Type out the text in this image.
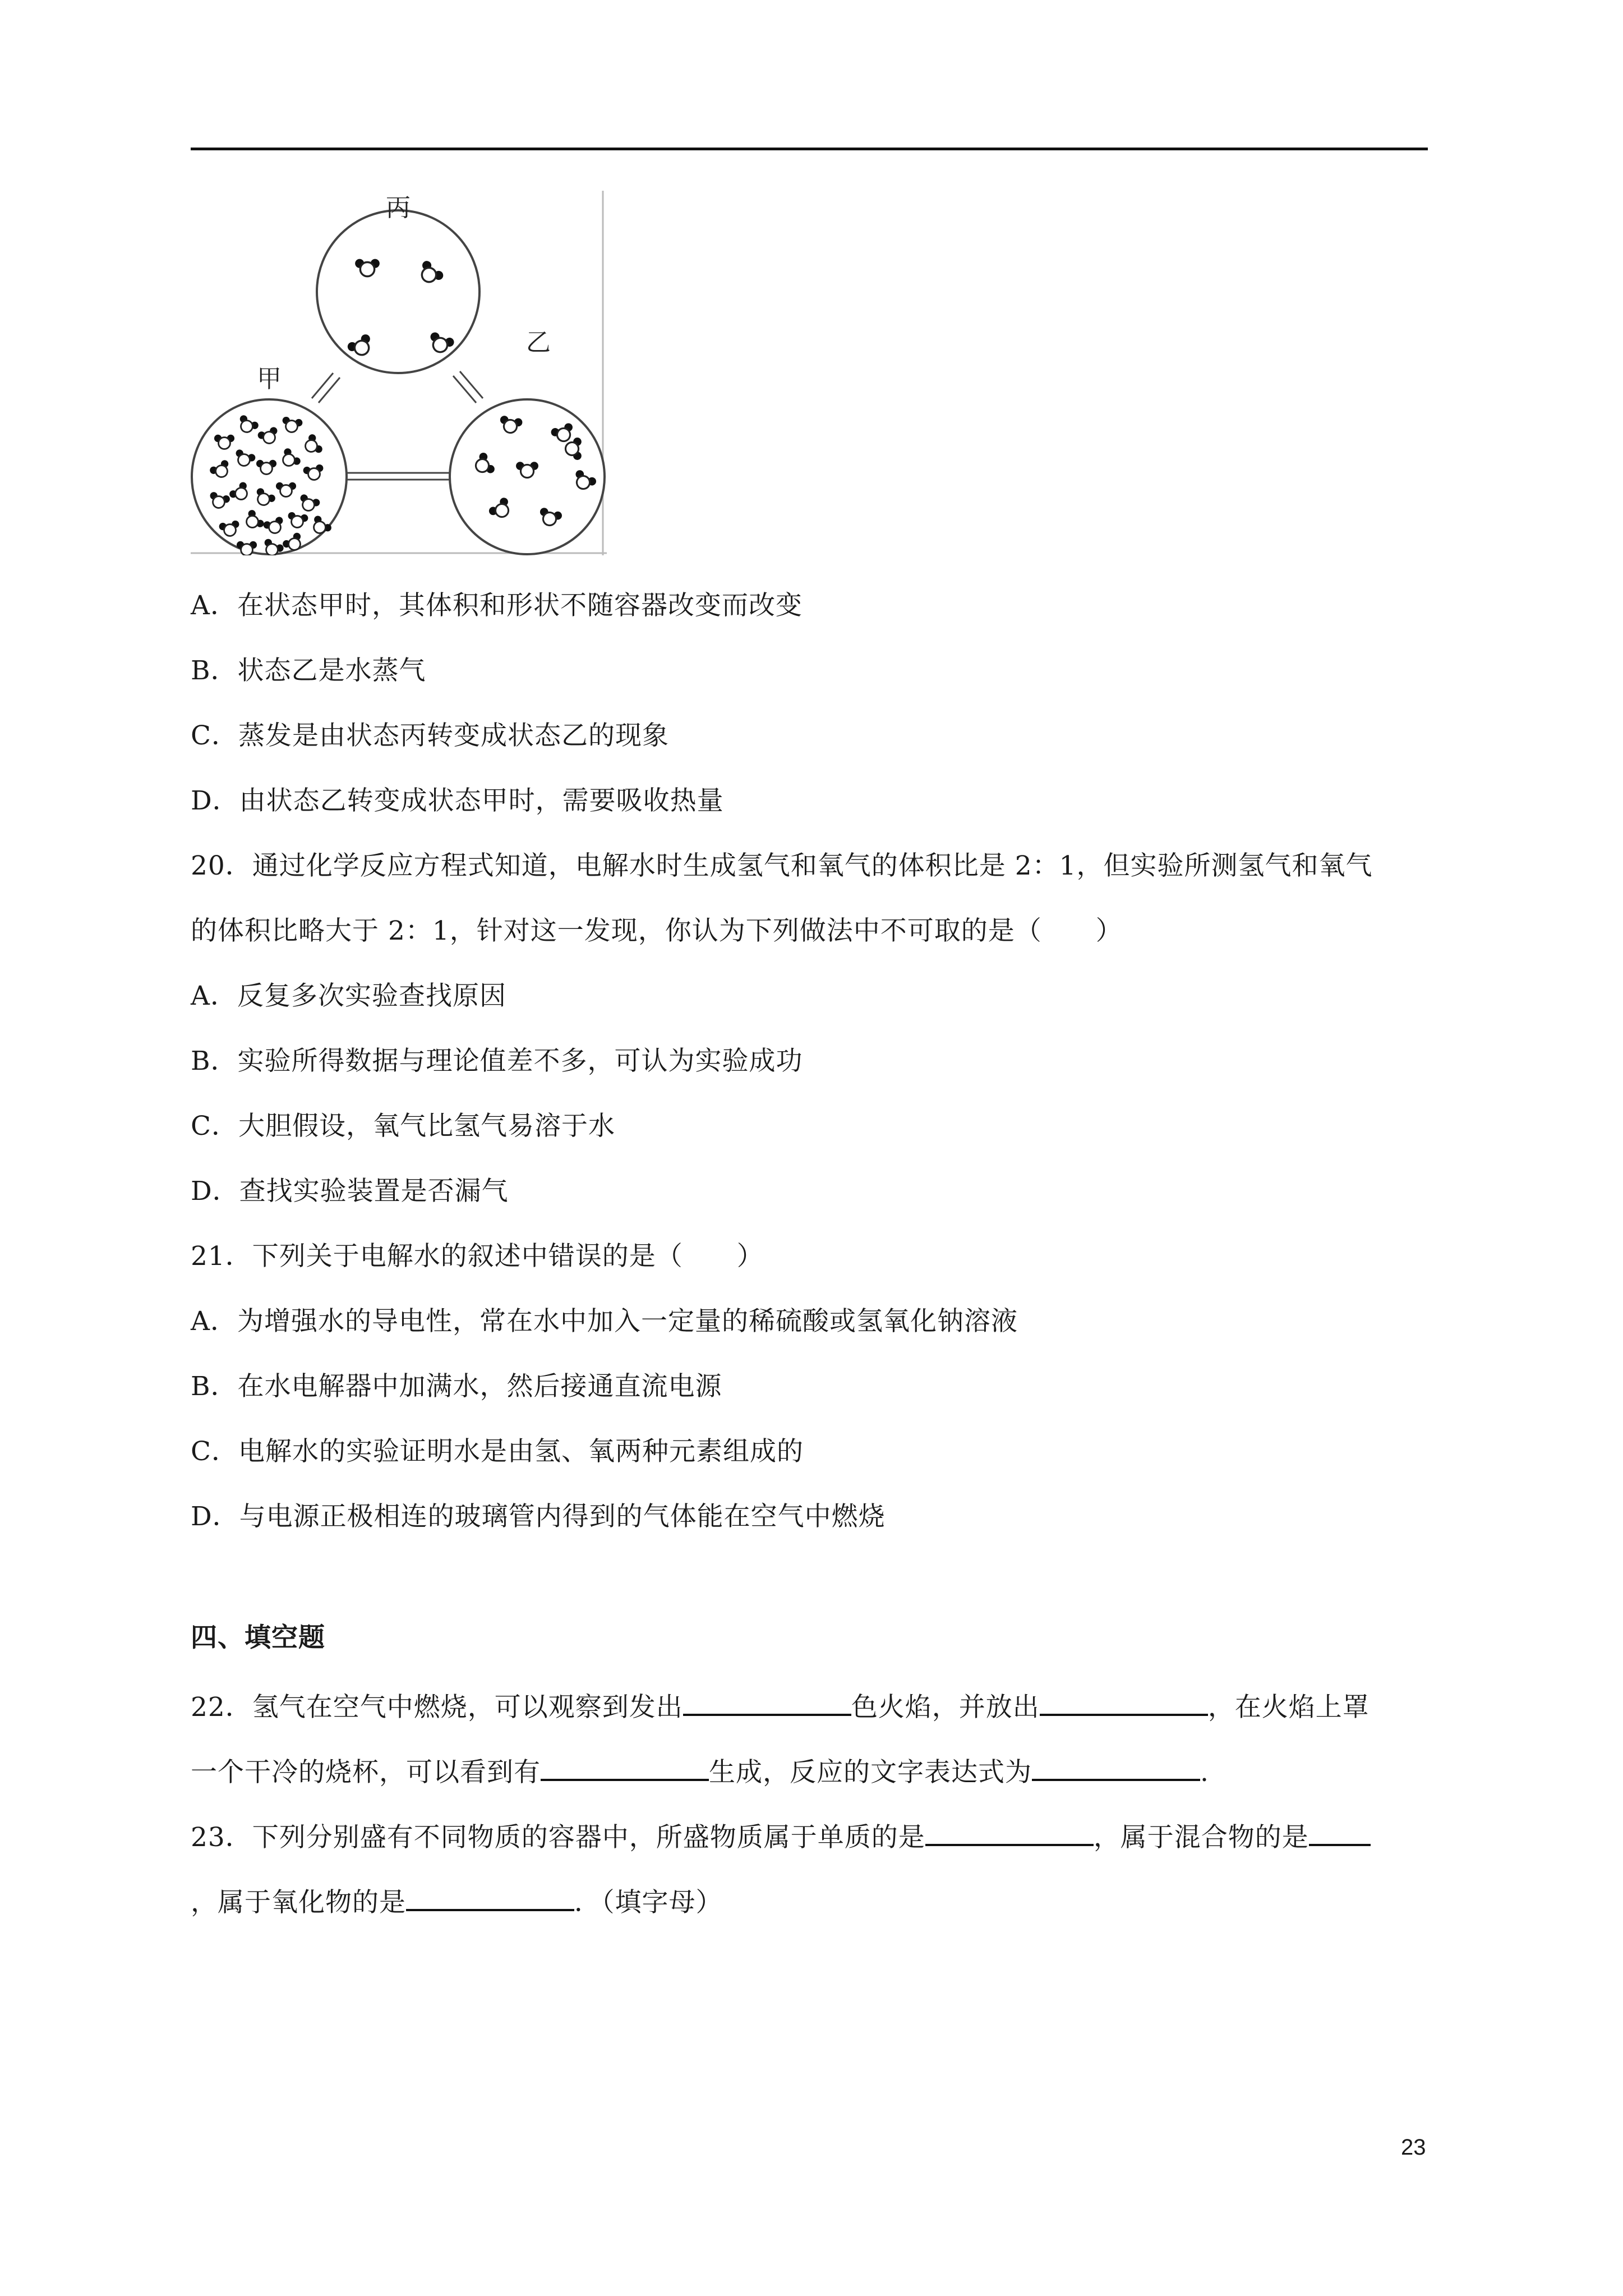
丙
甲
乙
A．在状态甲时，其体积和形状不随容器改变而改变
B．状态乙是水蒸气
C．蒸发是由状态丙转变成状态乙的现象
D．由状态乙转变成状态甲时，需要吸收热量
20．通过化学反应方程式知道，电解水时生成氢气和氧气的体积比是 2：1，但实验所测氢气和氧气
的体积比略大于 2：1，针对这一发现，你认为下列做法中不可取的是（　　）
A．反复多次实验查找原因
B．实验所得数据与理论值差不多，可认为实验成功
C．大胆假设，氧气比氢气易溶于水
D．查找实验装置是否漏气
21．下列关于电解水的叙述中错误的是（　　）
A．为增强水的导电性，常在水中加入一定量的稀硫酸或氢氧化钠溶液
B．在水电解器中加满水，然后接通直流电源
C．电解水的实验证明水是由氢、氧两种元素组成的
D．与电源正极相连的玻璃管内得到的气体能在空气中燃烧
四、填空题
22．氢气在空气中燃烧，可以观察到发出	色火焰，并放出	，在火焰上罩
一个干冷的烧杯，可以看到有	生成，反应的文字表达式为	.
23．下列分别盛有不同物质的容器中，所盛物质属于单质的是	，属于混合物的是
，属于氧化物的是	．（填字母）
23
